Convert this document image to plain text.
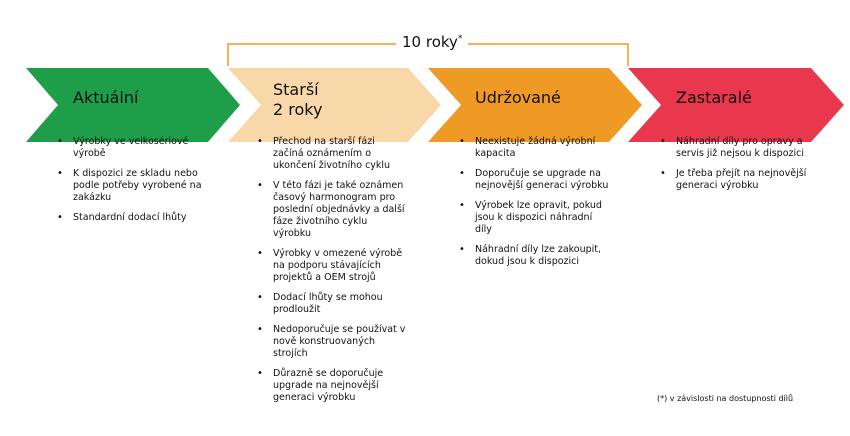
10 roky*
Aktuální	Starší
2 roky
Udržované	Zastaralé
• Výrobky ve velkosériové výrobě
• K dispozici ze skladu nebo podle potřeby vyrobené na zakázku
• Standardní dodací lhůty
• Přechod na starší fázi začíná oznámením o ukončení životního cyklu
• V této fázi je také oznámen časový harmonogram pro poslední objednávky a další fáze životního cyklu výrobku
• Výrobky v omezené výrobě na podporu stávajících projektů a OEM strojů
• Dodací lhůty se mohou prodloužit
• Nedoporučuje se používat v nově konstruovaných strojích
• Důrazně se doporučuje upgrade na nejnovější generaci výrobku
• Neexistuje žádná výrobní kapacita
• Doporučuje se upgrade na nejnovější generaci výrobku
• Výrobek lze opravit, pokud jsou k dispozici náhradní díly
• Náhradní díly lze zakoupit, dokud jsou k dispozici
• Náhradní díly pro opravy a servis již nejsou k dispozici
• Je třeba přejít na nejnovější generaci výrobku
(*) v závislosti na dostupnosti dílů
